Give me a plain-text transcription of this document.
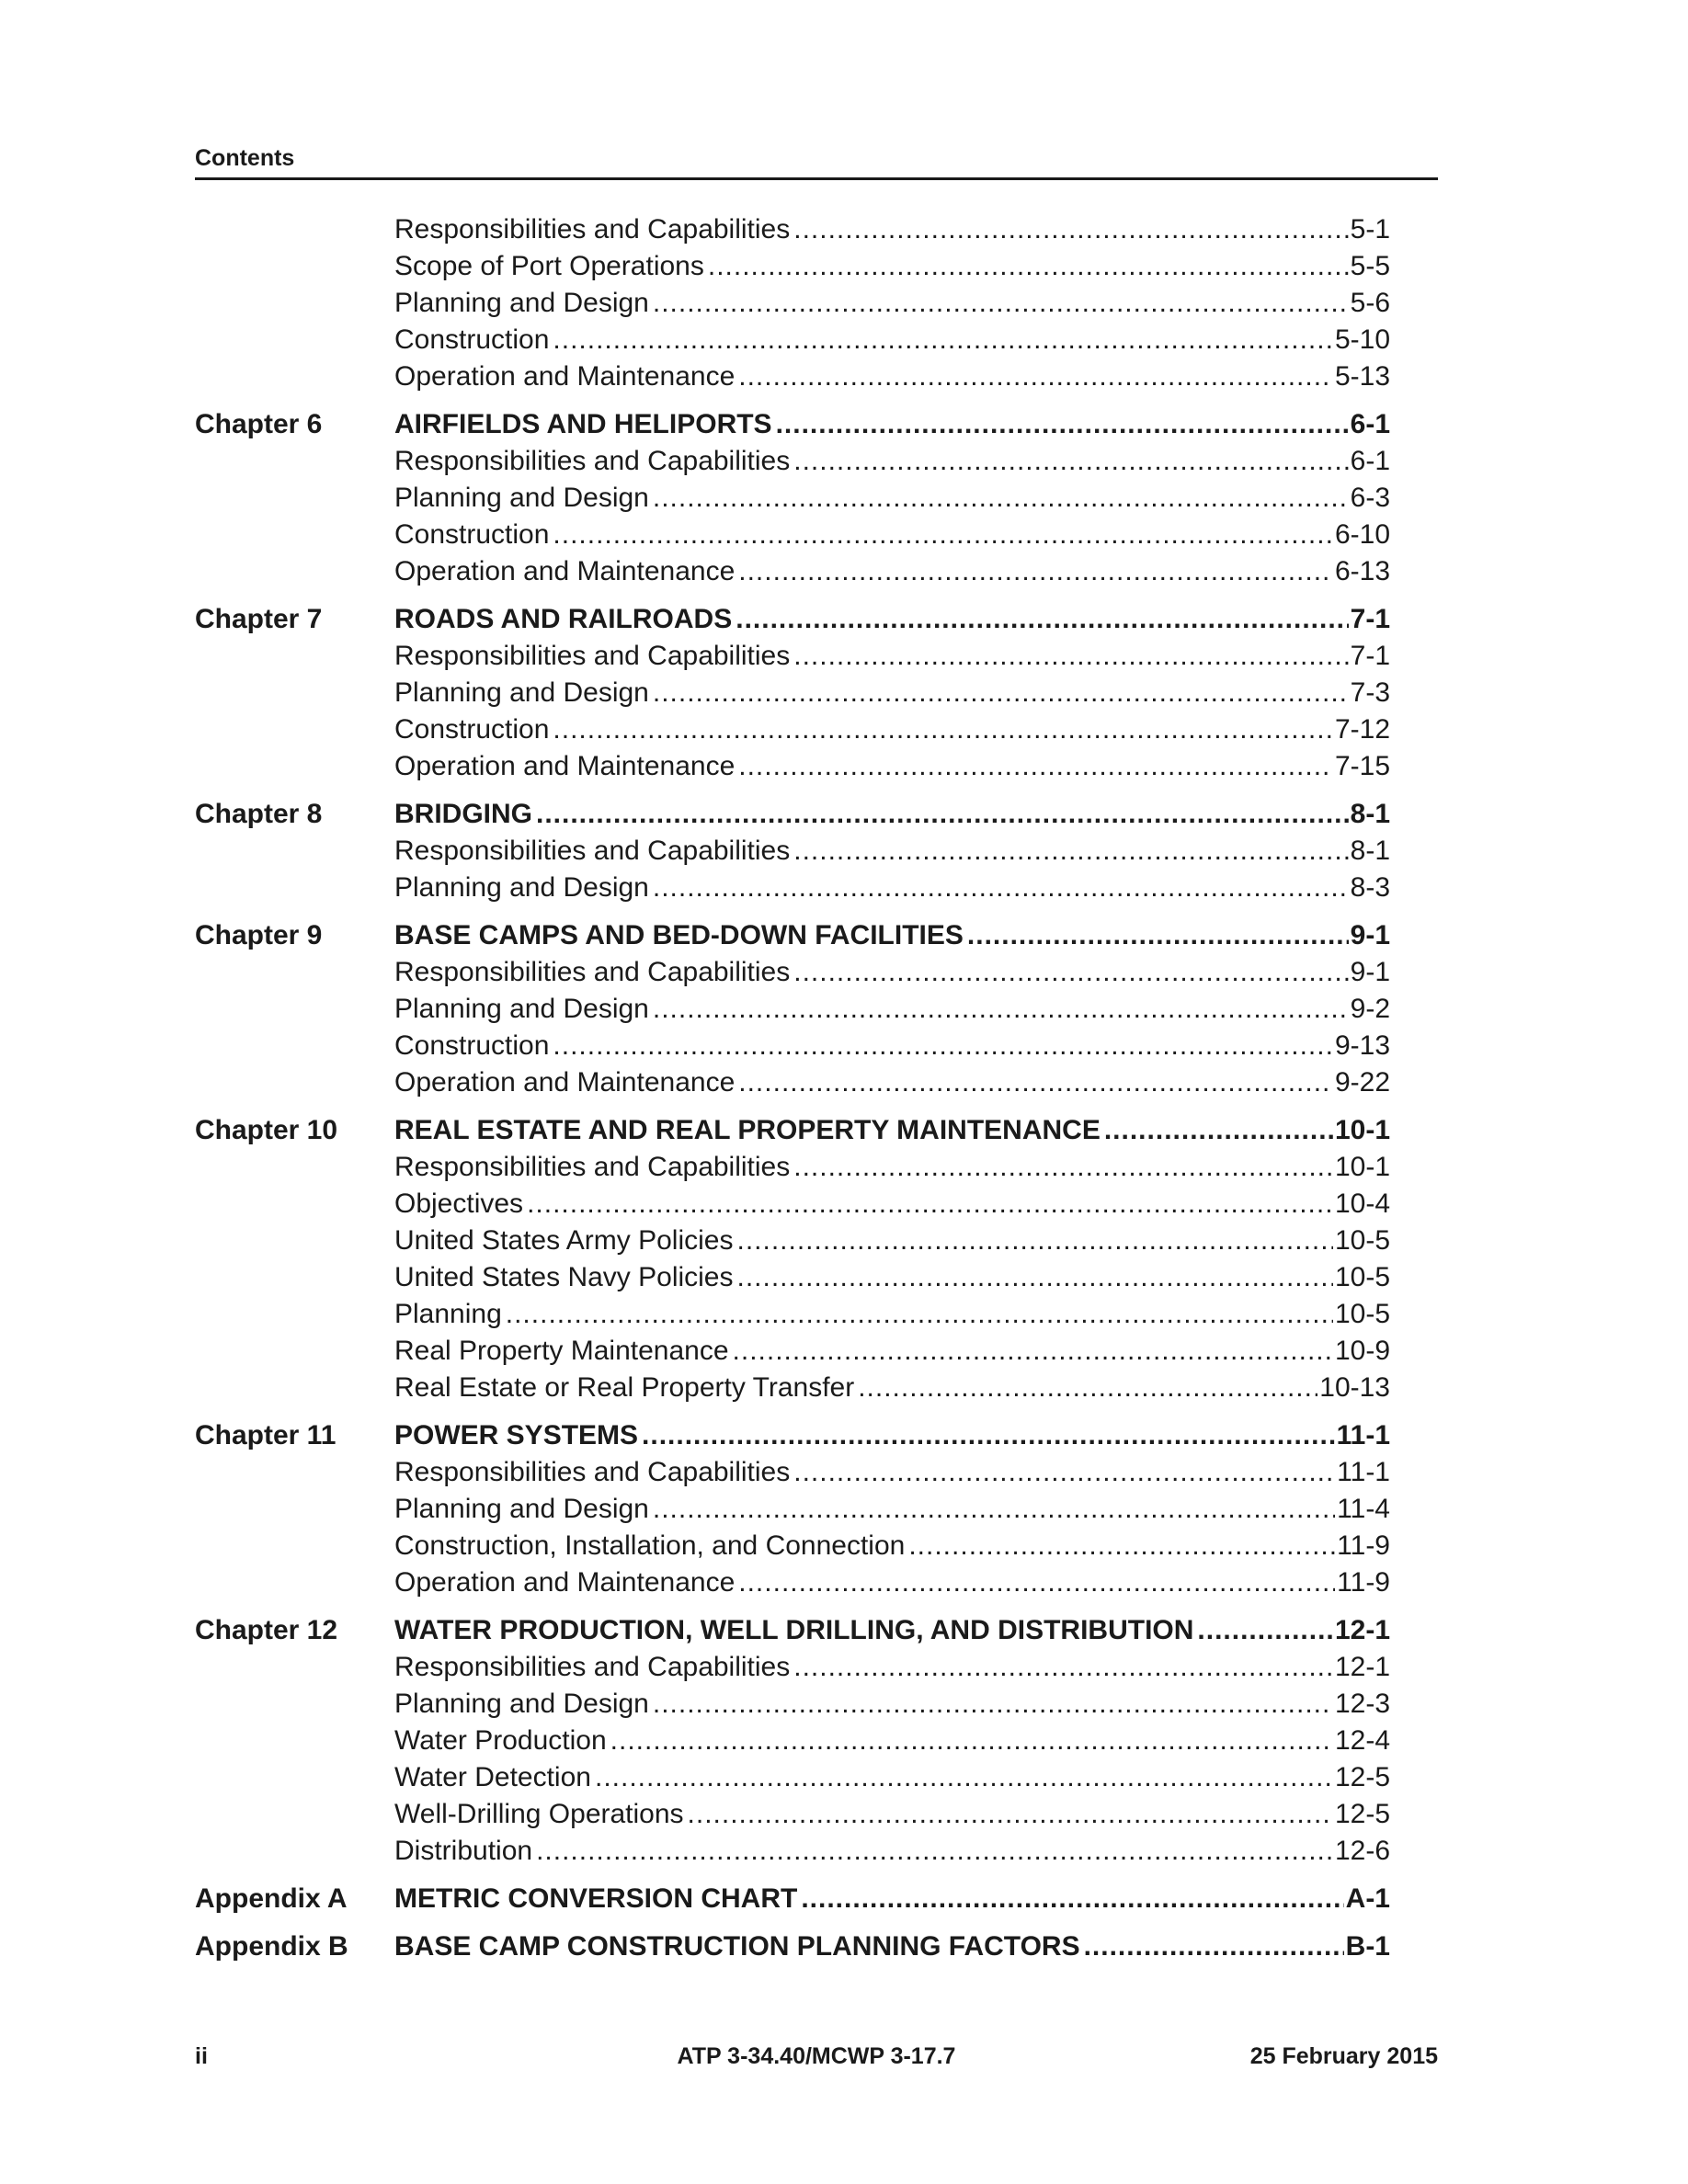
Contents
Responsibilities and Capabilities .....	5-1
Scope of Port Operations .....	5-5
Planning and Design .....	5-6
Construction .....	5-10
Operation and Maintenance .....	5-13
Chapter 6	AIRFIELDS AND HELIPORTS .....	6-1
Responsibilities and Capabilities .....	6-1
Planning and Design .....	6-3
Construction .....	6-10
Operation and Maintenance .....	6-13
Chapter 7	ROADS AND RAILROADS .....	7-1
Responsibilities and Capabilities .....	7-1
Planning and Design .....	7-3
Construction .....	7-12
Operation and Maintenance .....	7-15
Chapter 8	BRIDGING .....	8-1
Responsibilities and Capabilities .....	8-1
Planning and Design .....	8-3
Chapter 9	BASE CAMPS AND BED-DOWN FACILITIES .....	9-1
Responsibilities and Capabilities .....	9-1
Planning and Design .....	9-2
Construction .....	9-13
Operation and Maintenance .....	9-22
Chapter 10	REAL ESTATE AND REAL PROPERTY MAINTENANCE .....	10-1
Responsibilities and Capabilities .....	10-1
Objectives .....	10-4
United States Army Policies .....	10-5
United States Navy Policies .....	10-5
Planning .....	10-5
Real Property Maintenance .....	10-9
Real Estate or Real Property Transfer .....	10-13
Chapter 11	POWER SYSTEMS .....	11-1
Responsibilities and Capabilities .....	11-1
Planning and Design .....	11-4
Construction, Installation, and Connection .....	11-9
Operation and Maintenance .....	11-9
Chapter 12	WATER PRODUCTION, WELL DRILLING, AND DISTRIBUTION .....	12-1
Responsibilities and Capabilities .....	12-1
Planning and Design .....	12-3
Water Production .....	12-4
Water Detection .....	12-5
Well-Drilling Operations .....	12-5
Distribution .....	12-6
Appendix A	METRIC CONVERSION CHART .....	A-1
Appendix B	BASE CAMP CONSTRUCTION PLANNING FACTORS .....	B-1
ii	ATP 3-34.40/MCWP 3-17.7	25 February 2015
